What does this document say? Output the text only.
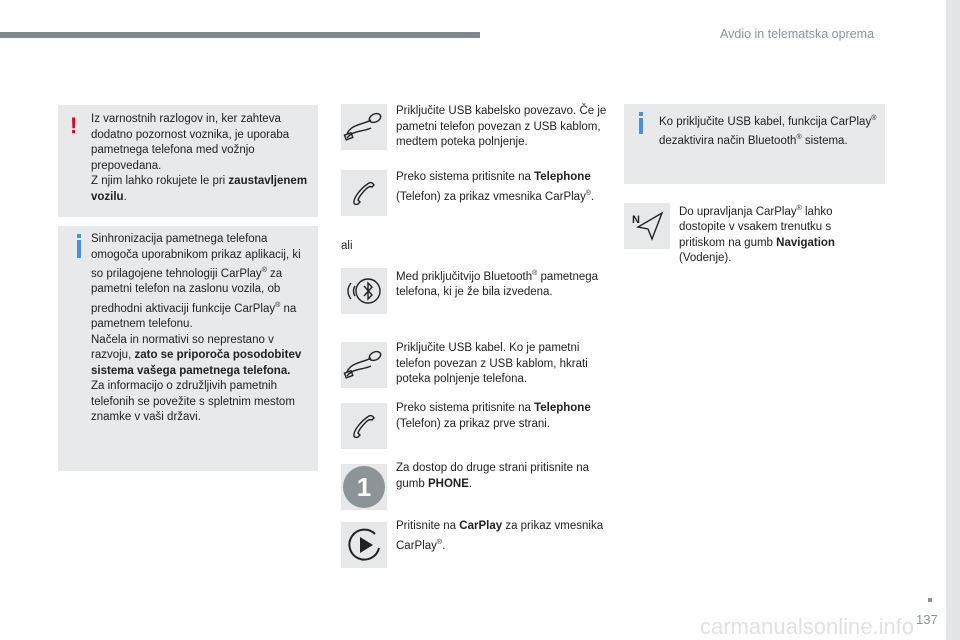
Avdio in telematska oprema
! Iz varnostnih razlogov in, ker zahteva dodatno pozornost voznika, je uporaba pametnega telefona med vožnjo prepovedana.

Z njim lahko rokujete le pri zaustavljenem vozilu.

Sinhronizacija pametnega telefona omogoča uporabnikom prikaz aplikacij, ki so prilagojene tehnologiji CarPlay® za pametni telefon na zaslonu vozila, ob predhodni aktivaciji funkcije CarPlay® na pametnem telefonu.

Načela in normativi so neprestano v razvoju, zato se priporoča posodobitev sistema vašega pametnega telefona.

Za informacijo o združljivih pametnih telefonih se povežite s spletnim mestom znamke v vaši državi.

Priključite USB kabelsko povezavo. Če je pametni telefon povezan z USB kablom, medtem poteka polnjenje.
Preko sistema pritisnite na Telephone (Telefon) za prikaz vmesnika CarPlay®.
ali
Med priključitvijo Bluetooth® pametnega telefona, ki je že bila izvedena.
Priključite USB kabel. Ko je pametni telefon povezan z USB kablom, hkrati poteka polnjenje telefona.
Preko sistema pritisnite na Telephone (Telefon) za prikaz prve strani.
1
Za dostop do druge strani pritisnite na gumb PHONE.
Pritisnite na CarPlay za prikaz vmesnika CarPlay®.
Ko priključite USB kabel, funkcija CarPlay® dezaktivira način Bluetooth® sistema.
N
Do upravljanja CarPlay® lahko dostopite v vsakem trenutku s pritiskom na gumb Navigation (Vodenje).
137
carmanualsonline.info
